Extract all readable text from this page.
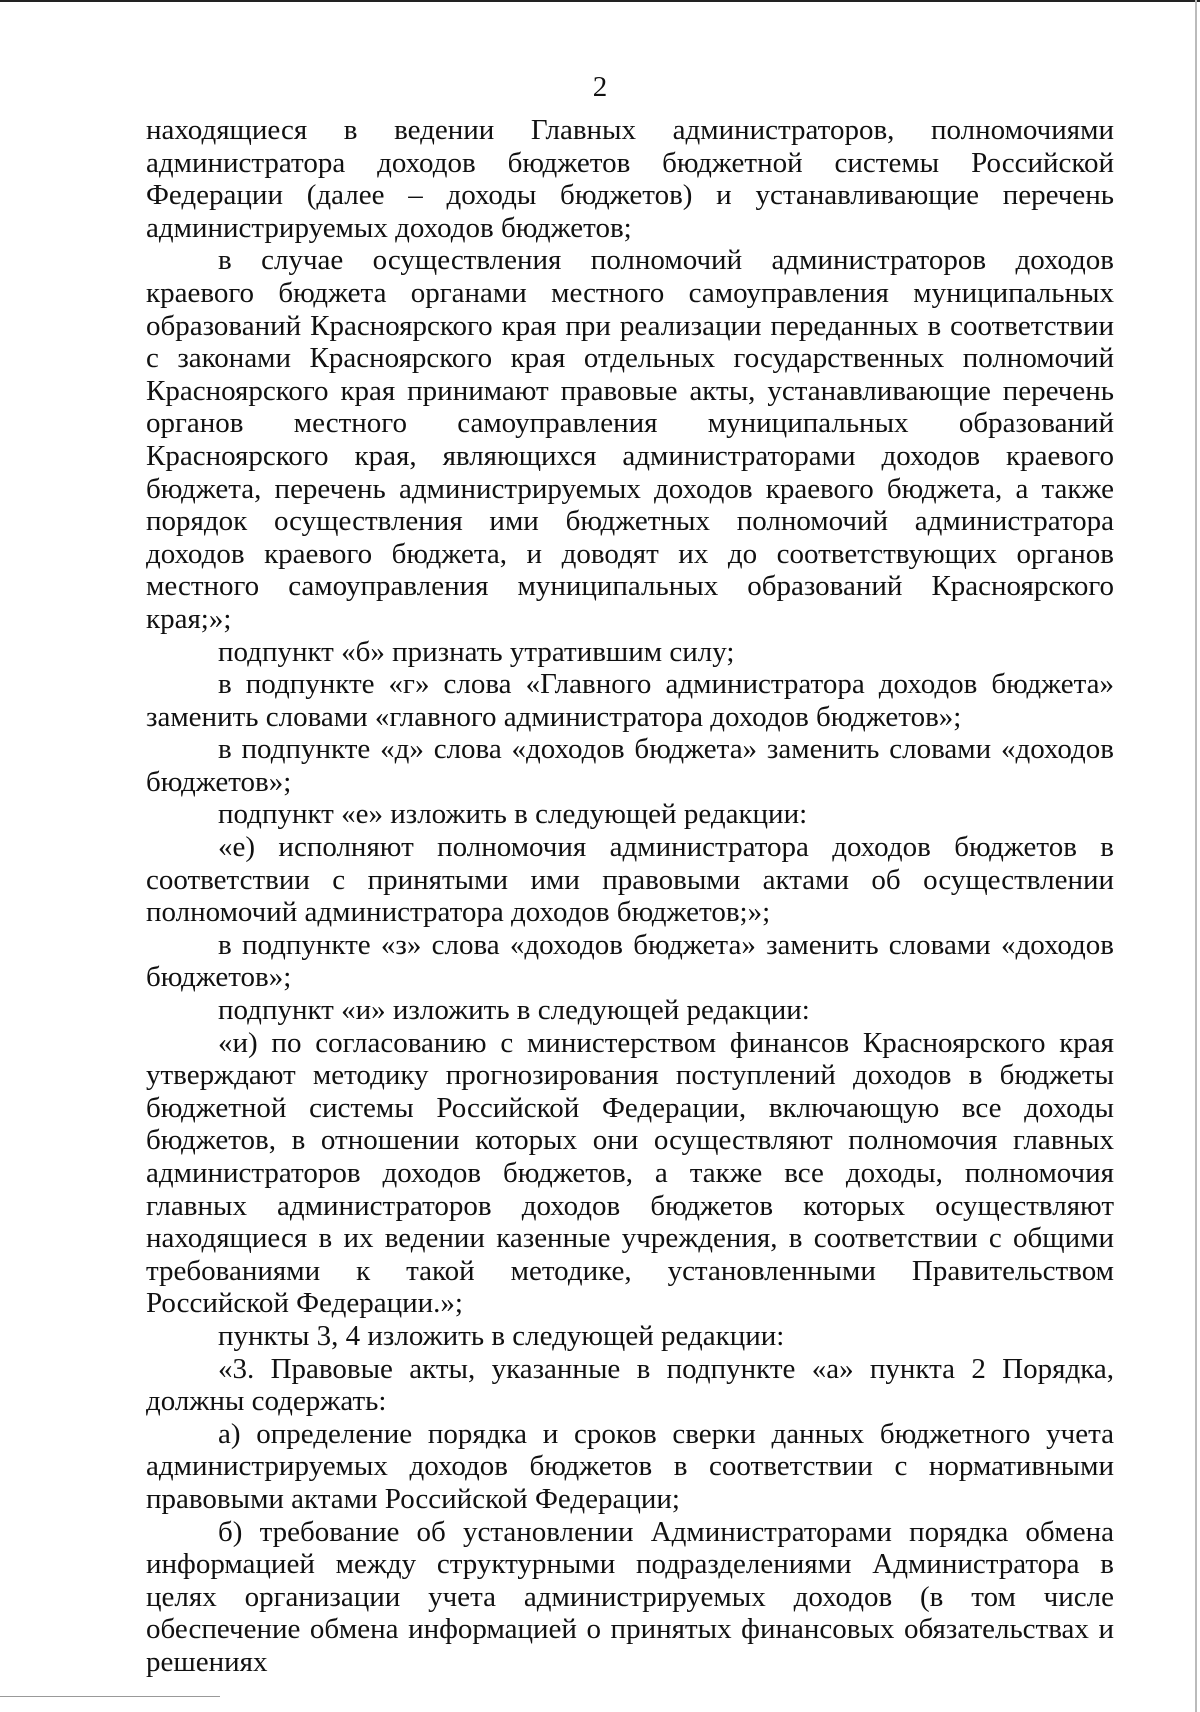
2

находящиеся в ведении Главных администраторов, полномочиями администратора доходов бюджетов бюджетной системы Российской Федерации (далее – доходы бюджетов) и устанавливающие перечень администрируемых доходов бюджетов;

в случае осуществления полномочий администраторов доходов краевого бюджета органами местного самоуправления муниципальных образований Красноярского края при реализации переданных в соответствии с законами Красноярского края отдельных государственных полномочий Красноярского края принимают правовые акты, устанавливающие перечень органов местного самоуправления муниципальных образований Красноярского края, являющихся администраторами доходов краевого бюджета, перечень администрируемых доходов краевого бюджета, а также порядок осуществления ими бюджетных полномочий администратора доходов краевого бюджета, и доводят их до соответствующих органов местного самоуправления муниципальных образований Красноярского края;»;

подпункт «б» признать утратившим силу;

в подпункте «г» слова «Главного администратора доходов бюджета» заменить словами «главного администратора доходов бюджетов»;

в подпункте «д» слова «доходов бюджета» заменить словами «доходов бюджетов»;

подпункт «е» изложить в следующей редакции:

«е) исполняют полномочия администратора доходов бюджетов в соответствии с принятыми ими правовыми актами об осуществлении полномочий администратора доходов бюджетов;»;

в подпункте «з» слова «доходов бюджета» заменить словами «доходов бюджетов»;

подпункт «и» изложить в следующей редакции:

«и) по согласованию с министерством финансов Красноярского края утверждают методику прогнозирования поступлений доходов в бюджеты бюджетной системы Российской Федерации, включающую все доходы бюджетов, в отношении которых они осуществляют полномочия главных администраторов доходов бюджетов, а также все доходы, полномочия главных администраторов доходов бюджетов которых осуществляют находящиеся в их ведении казенные учреждения, в соответствии с общими требованиями к такой методике, установленными Правительством Российской Федерации.»;

пункты 3, 4 изложить в следующей редакции:

«3. Правовые акты, указанные в подпункте «а» пункта 2 Порядка, должны содержать:

а) определение порядка и сроков сверки данных бюджетного учета администрируемых доходов бюджетов в соответствии с нормативными правовыми актами Российской Федерации;

б) требование об установлении Администраторами порядка обмена информацией между структурными подразделениями Администратора в целях организации учета администрируемых доходов (в том числе обеспечение обмена информацией о принятых финансовых обязательствах и решениях
